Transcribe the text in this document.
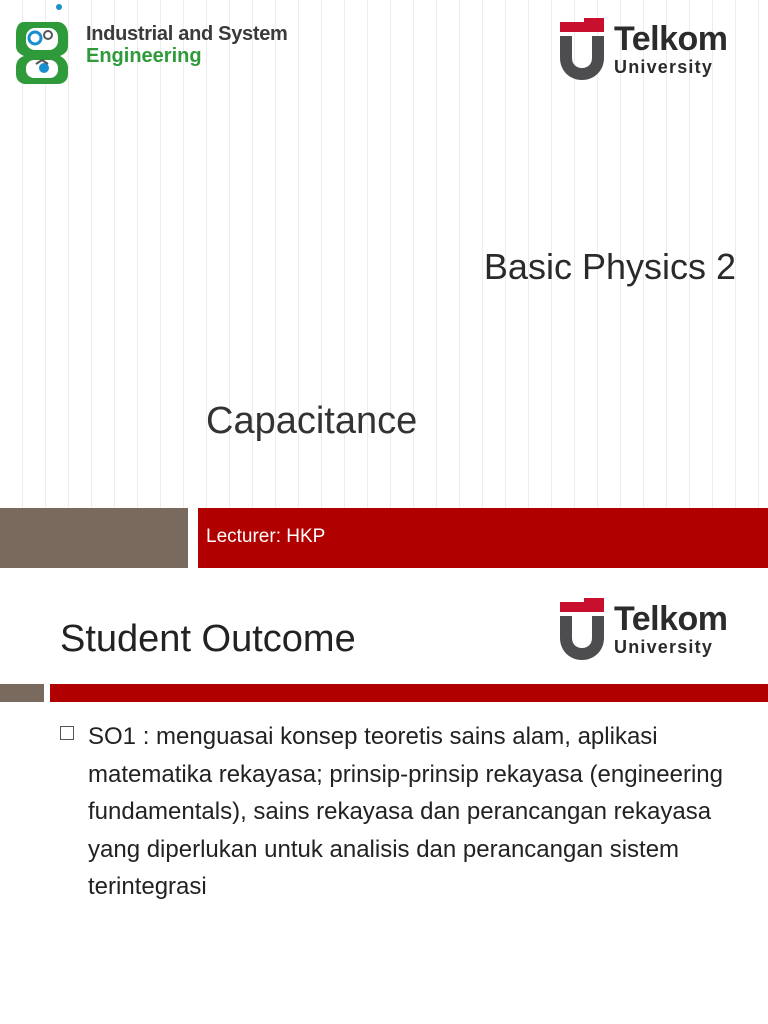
Industrial and System
Engineering	Telkom
University
Basic Physics 2
Capacitance
Lecturer: HKP
Student Outcome	Telkom
University
SO1 : menguasai konsep teoretis sains alam, aplikasi matematika rekayasa; prinsip-prinsip rekayasa (engineering fundamentals), sains rekayasa dan perancangan rekayasa yang diperlukan untuk analisis dan perancangan sistem terintegrasi
